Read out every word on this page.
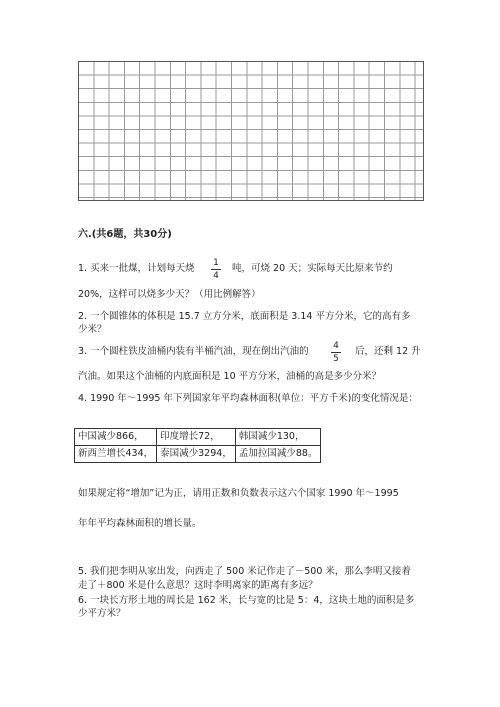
六.(共6题，共30分)
1. 买来一批煤，计划每天烧 $\frac{1}{4}$ 吨，可烧 20 天；实际每天比原来节约
20%，这样可以烧多少天？（用比例解答）
2. 一个圆锥体的体积是 15.7 立方分米，底面积是 3.14 平方分米，它的高有多
少米？
3. 一个圆柱铁皮油桶内装有半桶汽油，现在倒出汽油的 $\frac{4}{5}$ 后，还剩 12 升
汽油。如果这个油桶的内底面积是 10 平方分米，油桶的高是多少分米？
4. 1990 年～1995 年下列国家年平均森林面积(单位：平方千米)的变化情况是：
中国减少866，	印度增长72，	韩国减少130，
新西兰增长434，	泰国减少3294，	孟加拉国减少88。
如果规定将“增加”记为正，请用正数和负数表示这六个国家 1990 年～1995
年年平均森林面积的增长量。
5. 我们把李明从家出发，向西走了 500 米记作走了－500 米，那么李明又接着
走了＋800 米是什么意思？这时李明离家的距离有多远？
6. 一块长方形土地的周长是 162 米，长与宽的比是 5：4，这块土地的面积是多
少平方米？
